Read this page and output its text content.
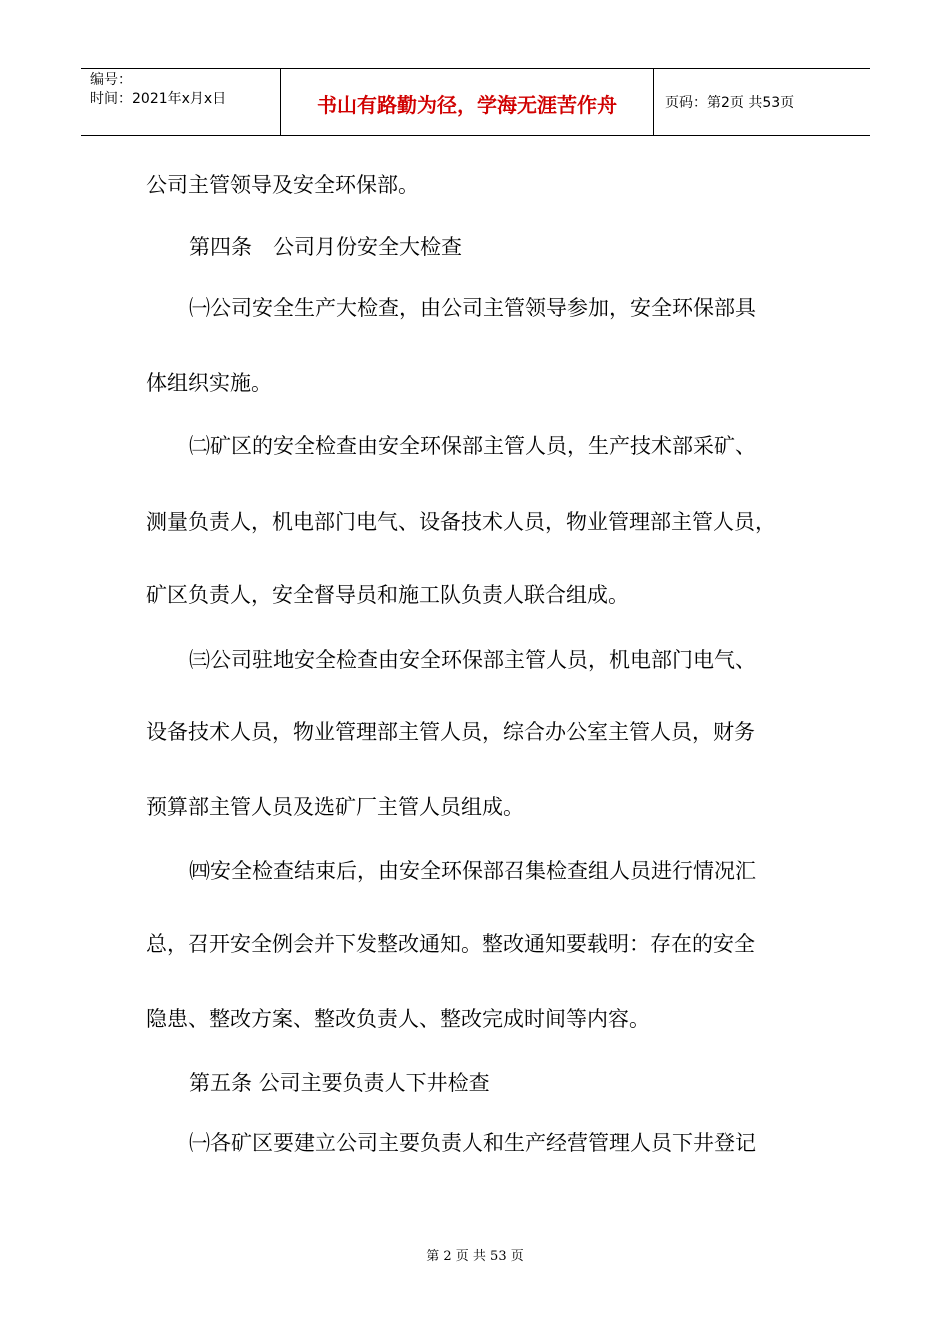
编号：
时间：2021年x月x日	书山有路勤为径，学海无涯苦作舟	页码：第2页 共53页
公司主管领导及安全环保部。
第四条　公司月份安全大检查
㈠公司安全生产大检查，由公司主管领导参加，安全环保部具
体组织实施。
㈡矿区的安全检查由安全环保部主管人员，生产技术部采矿、
测量负责人，机电部门电气、设备技术人员，物业管理部主管人员，
矿区负责人，安全督导员和施工队负责人联合组成。
㈢公司驻地安全检查由安全环保部主管人员，机电部门电气、
设备技术人员，物业管理部主管人员，综合办公室主管人员，财务
预算部主管人员及选矿厂主管人员组成。
㈣安全检查结束后，由安全环保部召集检查组人员进行情况汇
总，召开安全例会并下发整改通知。整改通知要载明：存在的安全
隐患、整改方案、整改负责人、整改完成时间等内容。
第五条 公司主要负责人下井检查
㈠各矿区要建立公司主要负责人和生产经营管理人员下井登记
第 2 页 共 53 页
